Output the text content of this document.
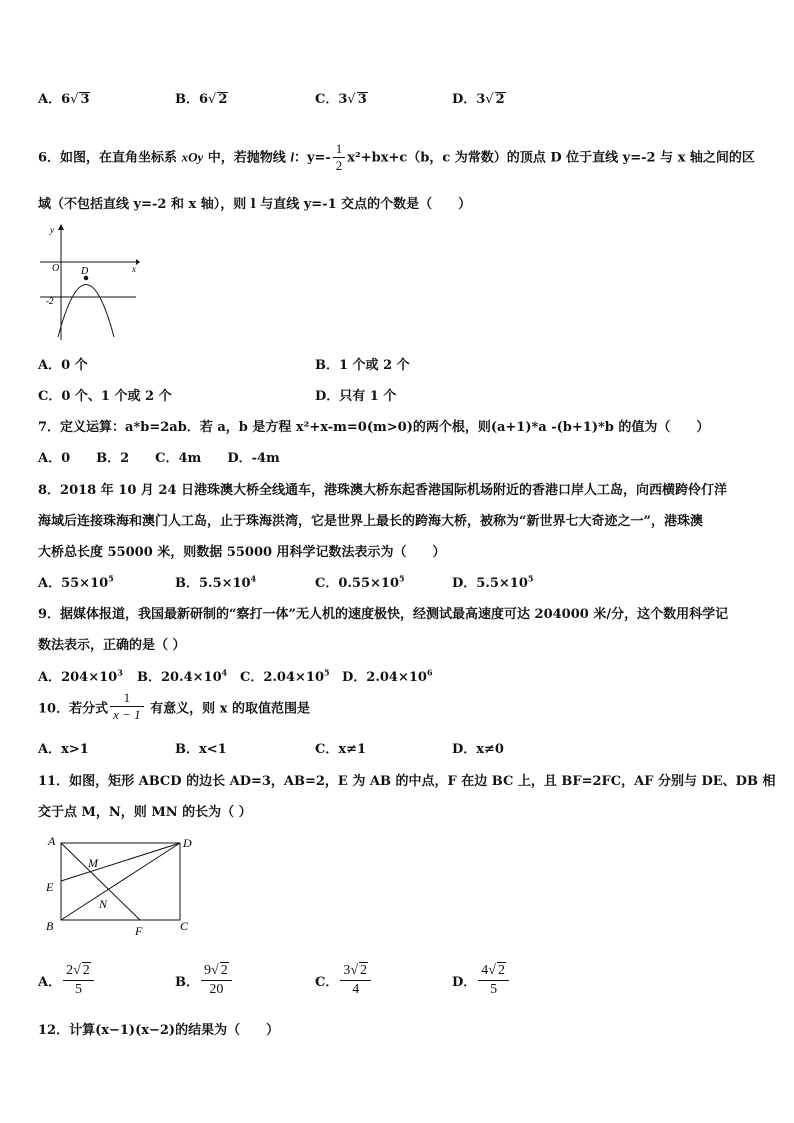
A．6√ 3	B．6√ 2	C．3√ 3	D．3√ 2
6．如图，在直角坐标系 xOy 中，若抛物线 l：$y=- \frac{1}{2} x^2+bx+c(b$，c 为常数）的顶点 D 位于直线 y=-2 与 x 轴之间的区
域（不包括直线 y=-2 和 x 轴），则 l 与直线 y=-1 交点的个数是（　　）
y
x
O D
-2
A．0 个	B．1 个或 2 个
C．0 个、1 个或 2 个	D．只有 1 个
7．定义运算：a*b=2ab．若 a，b 是方程 x²+x-m=0(m>0)的两个根，则(a+1)*a -(b+1)*b 的值为（　　）
A．0　　B．2　　C．4m　　D．-4m
8．2018 年 10 月 24 日港珠澳大桥全线通车，港珠澳大桥东起香港国际机场附近的香港口岸人工岛，向西横跨伶仃洋
海域后连接珠海和澳门人工岛，止于珠海洪湾，它是世界上最长的跨海大桥，被称为“新世界七大奇迹之一”，港珠澳
大桥总长度 55000 米，则数据 55000 用科学记数法表示为（　　）
A．$55\times 10^5$	B．$5.5\times 10^4$	C．$0.55\times 10^5$	D．$5.5\times 10^5$
9．据媒体报道，我国最新研制的“察打一体”无人机的速度极快，经测试最高速度可达 204000 米/分，这个数用科学记
数法表示，正确的是（ ）
A．$204\times 10^3$ B．$20.4\times 10^4$ C．$2.04\times 10^5$ D．$2.04\times 10^6$
10．若分式 $\frac{1}{x - 1}$ 有意义，则 x 的取值范围是
A．x>1	B．x<1	C．x≠1	D．x≠0
11．如图，矩形 ABCD 的边长 AD=3，AB=2，E 为 AB 的中点，F 在边 BC 上，且 BF=2FC，AF 分别与 DE、DB 相
交于点 M，N，则 MN 的长为（ ）
A
B	C
D
E
F
M
N
A． $\frac{2√ 2}{5}$	B． $\frac{9√ 2}{20}$	C． $\frac{3√ 2}{4}$	D． $\frac{4√ 2}{5}$
12．计算(x−1)(x−2)的结果为（　　）
